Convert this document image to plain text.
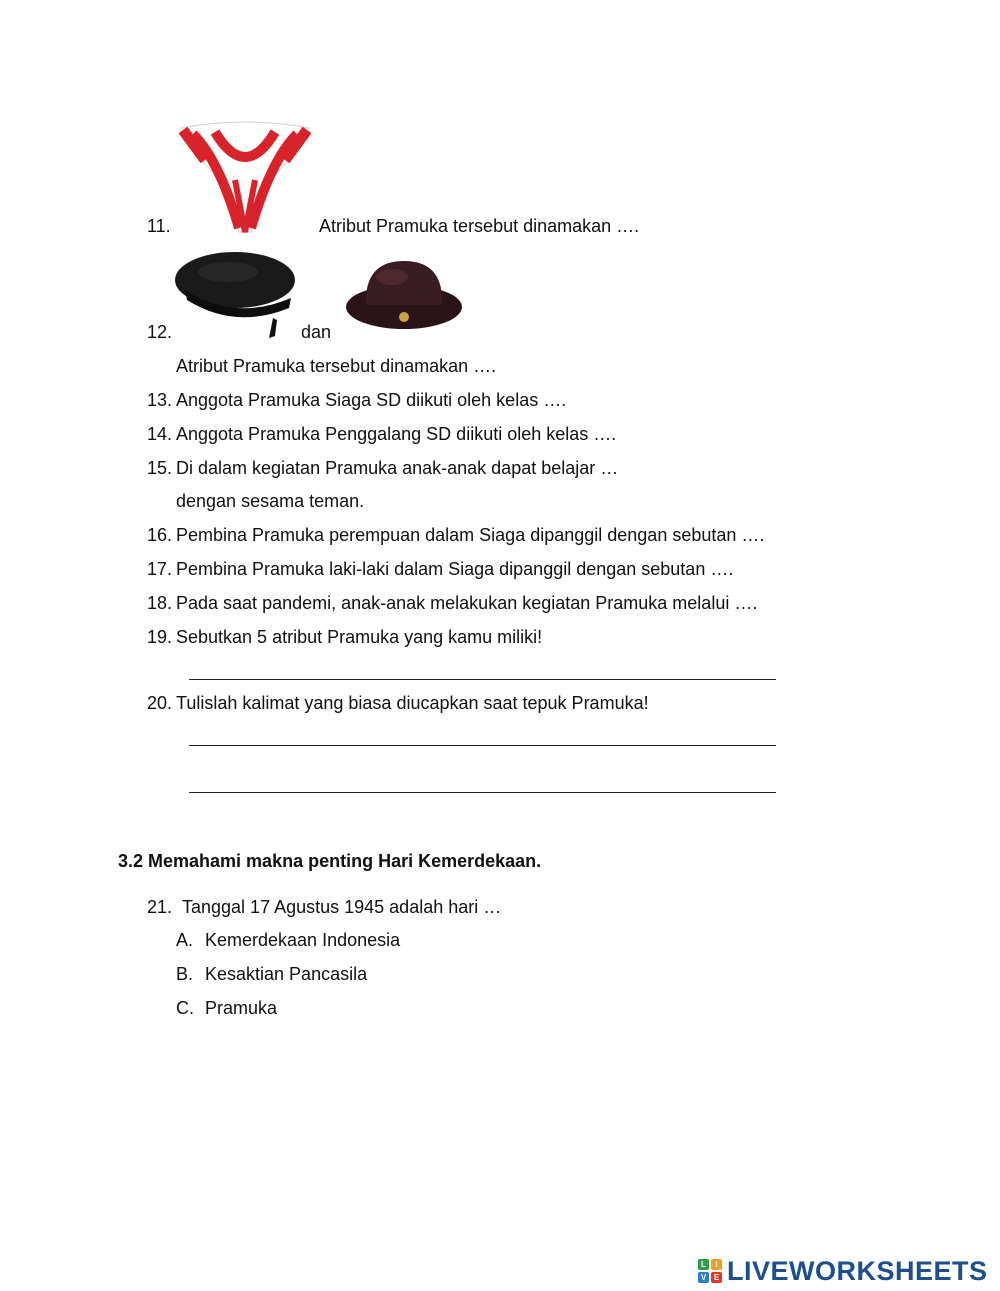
11.	Atribut Pramuka tersebut dinamakan ….
12.	dan
Atribut Pramuka tersebut dinamakan ….
13. Anggota Pramuka Siaga SD diikuti oleh kelas ….
14. Anggota Pramuka Penggalang SD diikuti oleh kelas ….
15. Di dalam kegiatan Pramuka anak-anak dapat belajar …
dengan sesama teman.
16. Pembina Pramuka perempuan dalam Siaga dipanggil dengan sebutan ….
17. Pembina Pramuka laki-laki dalam Siaga dipanggil dengan sebutan ….
18. Pada saat pandemi, anak-anak melakukan kegiatan Pramuka melalui ….
19. Sebutkan 5 atribut Pramuka yang kamu miliki!
20. Tulislah kalimat yang biasa diucapkan saat tepuk Pramuka!
3.2 Memahami makna penting Hari Kemerdekaan.
21. Tanggal 17 Agustus 1945 adalah hari …
A. Kemerdekaan Indonesia
B. Kesaktian Pancasila
C. Pramuka
L	I
V E LIVEWORKSHEETS
